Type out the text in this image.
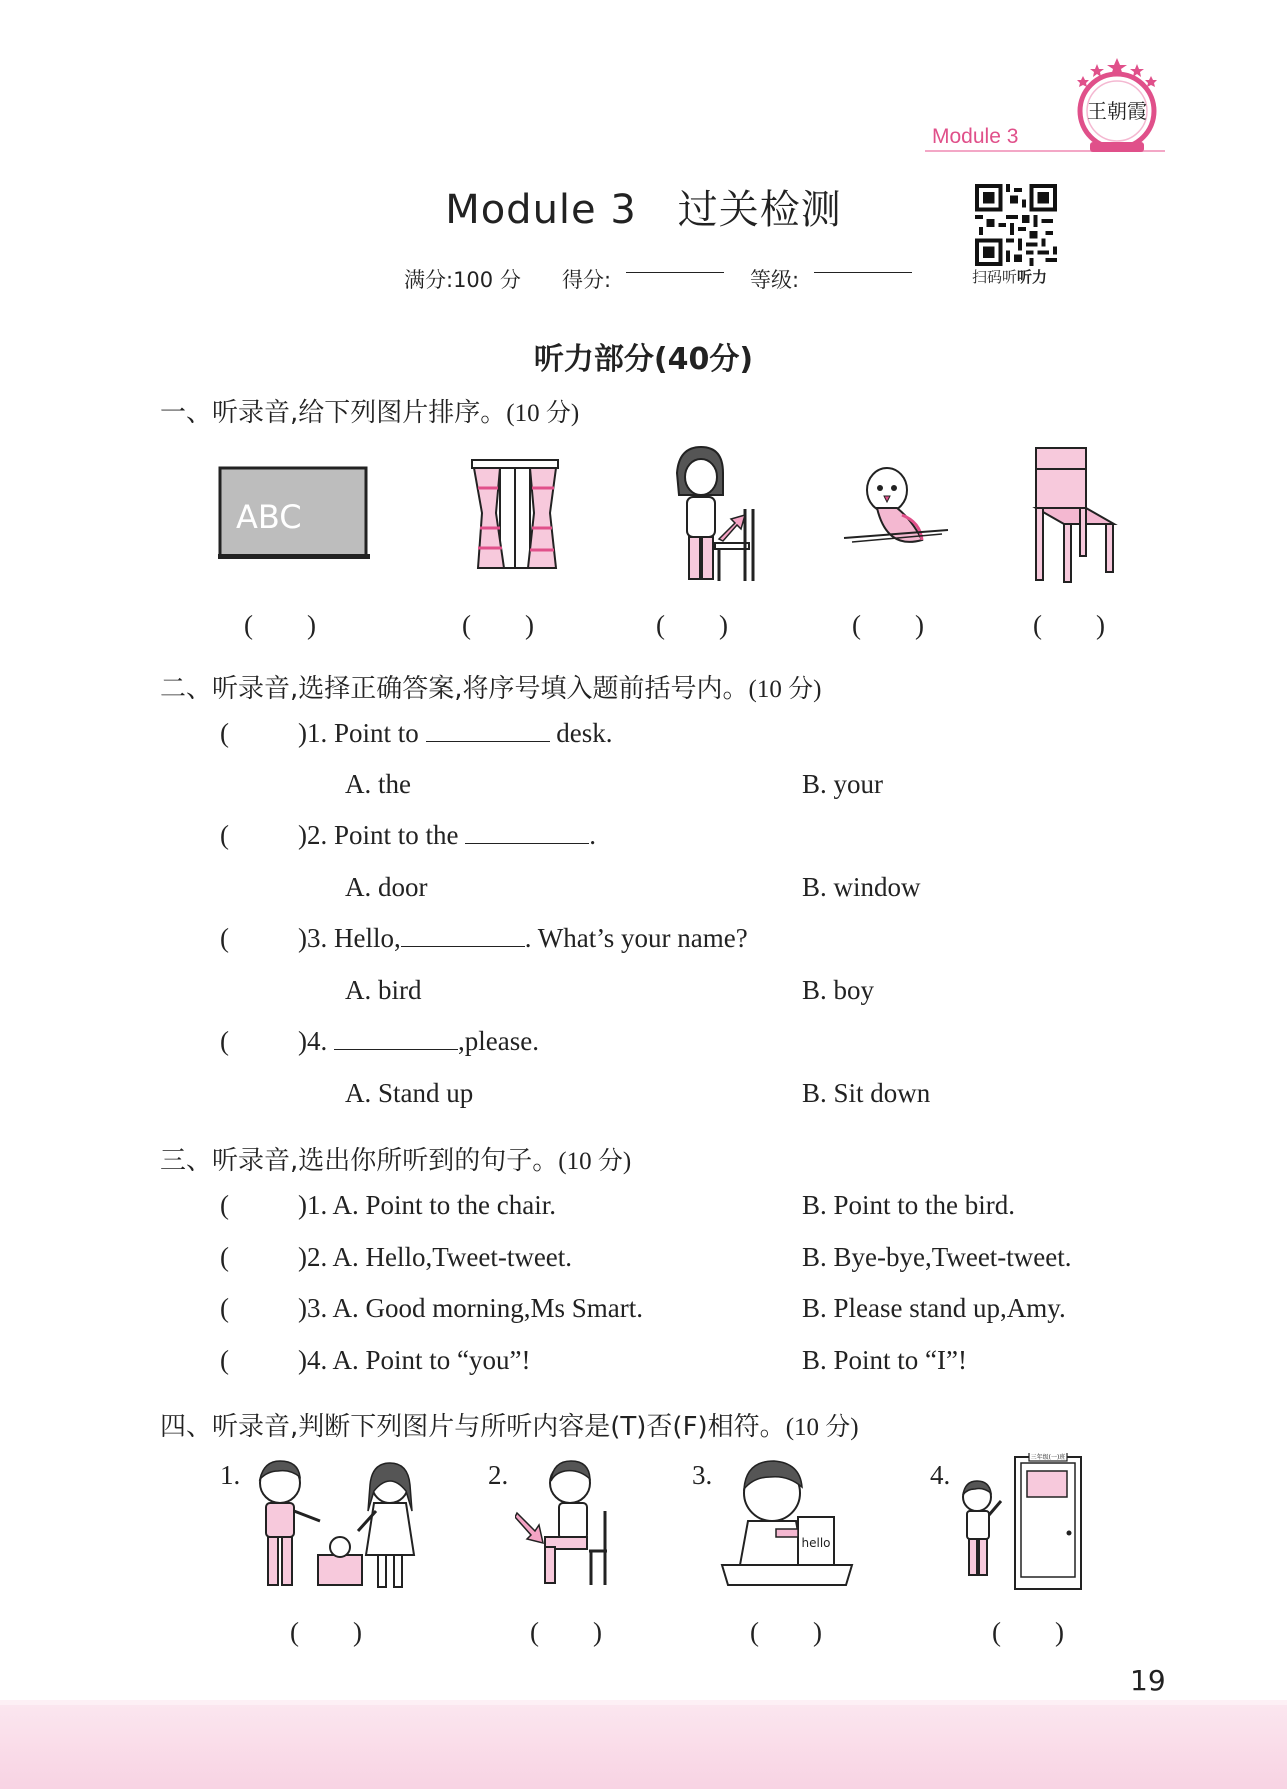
Module 3
王朝霞
Module 3　过关检测
满分:100 分 得分:	等级:	扫码听听力
听力部分(40分)
一、听录音,给下列图片排序。(10 分)
ABC
(　　)	(　　)	(　　)	(　　)	(　　)
二、听录音,选择正确答案,将序号填入题前括号内。(10 分)
(	)1. Point to	desk.
A. the	B. your
(	)2. Point to the	.
A. door	B. window
(	)3. Hello,	. What’s your name?
A. bird	B. boy
(	)4.	,please.
A. Stand up	B. Sit down
三、听录音,选出你所听到的句子。(10 分)
(	)1. A. Point to the chair.	B. Point to the bird.
(	)2. A. Hello,Tweet-tweet.	B. Bye-bye,Tweet-tweet.
(	)3. A. Good morning,Ms Smart.	B. Please stand up,Amy.
(	)4. A. Point to “you”!	B. Point to “I”!
四、听录音,判断下列图片与所听内容是(T)否(F)相符。(10 分)
1.	2.	3.	4.
hello
三年级(一)班
(　　)	(　　)	(　　)	(　　)
19
